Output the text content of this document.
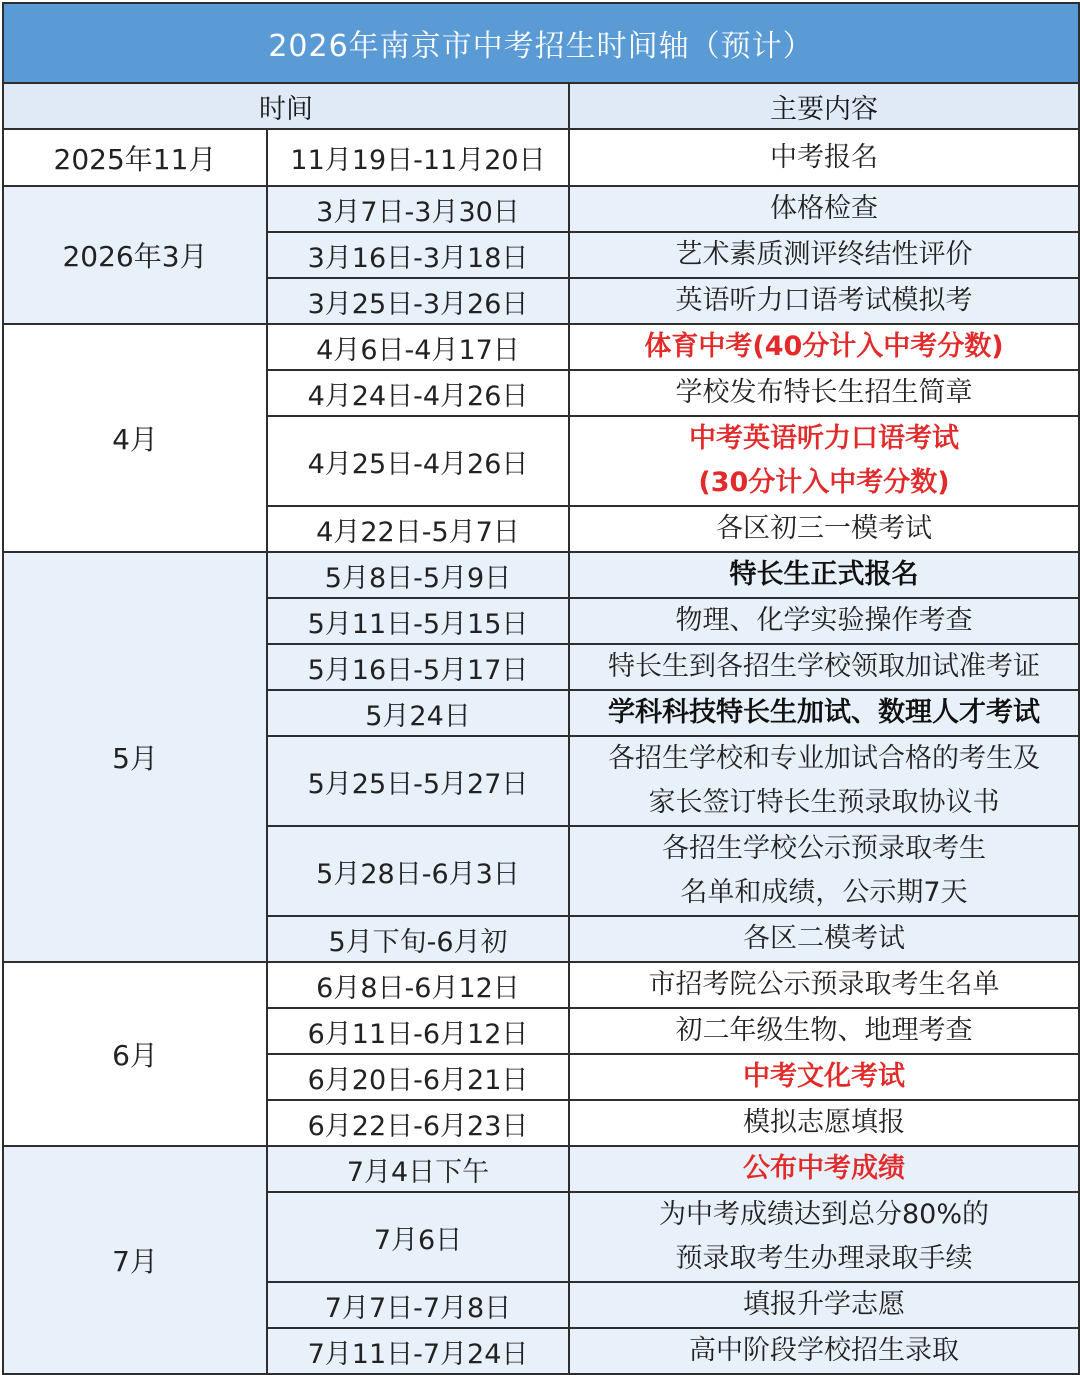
2026年南京市中考招生时间轴（预计）		
时间		主要内容
2025年11月	11月19日-11月20日	中考报名

2026年3月	3月7日-3月30日	体格检查

	3月16日-3月18日	艺术素质测评终结性评价

	3月25日-3月26日	英语听力口语考试模拟考

4月	4月6日-4月17日	体育中考(40分计入中考分数)

	4月24日-4月26日	学校发布特长生招生简章

	4月25日-4月26日	中考英语听力口语考试
(30分计入中考分数)

	4月22日-5月7日	各区初三一模考试

5月	5月8日-5月9日	特长生正式报名

	5月11日-5月15日	物理、化学实验操作考查

	5月16日-5月17日	特长生到各招生学校领取加试准考证

	5月24日	学科科技特长生加试、数理人才考试

	5月25日-5月27日	各招生学校和专业加试合格的考生及
家长签订特长生预录取协议书

	5月28日-6月3日	各招生学校公示预录取考生
名单和成绩，公示期7天

	5月下旬-6月初	各区二模考试

6月	6月8日-6月12日	市招考院公示预录取考生名单

	6月11日-6月12日	初二年级生物、地理考查

	6月20日-6月21日	中考文化考试

	6月22日-6月23日	模拟志愿填报

7月	7月4日下午	公布中考成绩

	7月6日	为中考成绩达到总分80%的
预录取考生办理录取手续

	7月7日-7月8日	填报升学志愿

	7月11日-7月24日	高中阶段学校招生录取
